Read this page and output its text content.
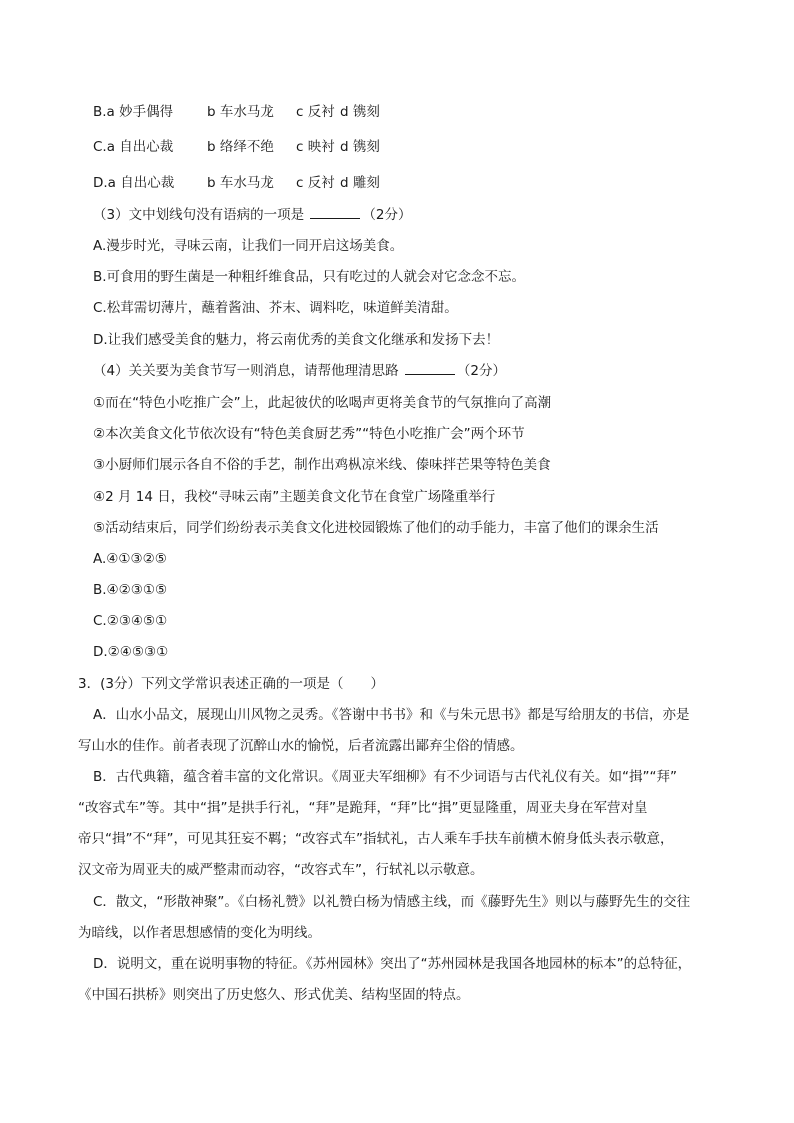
B.a 妙手偶得	b 车水马龙	c 反衬 d 镌刻
C.a 自出心裁	b 络绎不绝	c 映衬 d 镌刻
D.a 自出心裁	b 车水马龙	c 反衬 d 雕刻
（3）文中划线句没有语病的一项是	（2分）
A.漫步时光，寻味云南，让我们一同开启这场美食。
B.可食用的野生菌是一种粗纤维食品，只有吃过的人就会对它念念不忘。
C.松茸需切薄片，蘸着酱油、芥末、调料吃，味道鲜美清甜。
D.让我们感受美食的魅力，将云南优秀的美食文化继承和发扬下去！
（4）关关要为美食节写一则消息，请帮他理清思路	（2分）
①而在“特色小吃推广会”上，此起彼伏的吆喝声更将美食节的气氛推向了高潮
②本次美食文化节依次设有“特色美食厨艺秀”“特色小吃推广会”两个环节
③小厨师们展示各自不俗的手艺，制作出鸡枞凉米线、傣味拌芒果等特色美食
④2 月 14 日，我校“寻味云南”主题美食文化节在食堂广场隆重举行
⑤活动结束后，同学们纷纷表示美食文化进校园锻炼了他们的动手能力，丰富了他们的课余生活
A.④①③②⑤
B.④②③①⑤
C.②③④⑤①
D.②④⑤③①
3．(3分）下列文学常识表述正确的一项是（　　）
A．山水小品文，展现山川风物之灵秀。《答谢中书书》和《与朱元思书》都是写给朋友的书信，亦是
写山水的佳作。前者表现了沉醉山水的愉悦，后者流露出鄙弃尘俗的情感。
B．古代典籍，蕴含着丰富的文化常识。《周亚夫军细柳》有不少词语与古代礼仪有关。如“揖”“拜”
“改容式车”等。其中“揖”是拱手行礼，“拜”是跪拜，“拜”比“揖”更显隆重，周亚夫身在军营对皇
帝只“揖”不“拜”，可见其狂妄不羁；“改容式车”指轼礼，古人乘车手扶车前横木俯身低头表示敬意，
汉文帝为周亚夫的威严整肃而动容，“改容式车”，行轼礼以示敬意。
C．散文，“形散神聚”。《白杨礼赞》以礼赞白杨为情感主线，而《藤野先生》则以与藤野先生的交往
为暗线，以作者思想感情的变化为明线。
D．说明文，重在说明事物的特征。《苏州园林》突出了“苏州园林是我国各地园林的标本”的总特征，
《中国石拱桥》则突出了历史悠久、形式优美、结构坚固的特点。
